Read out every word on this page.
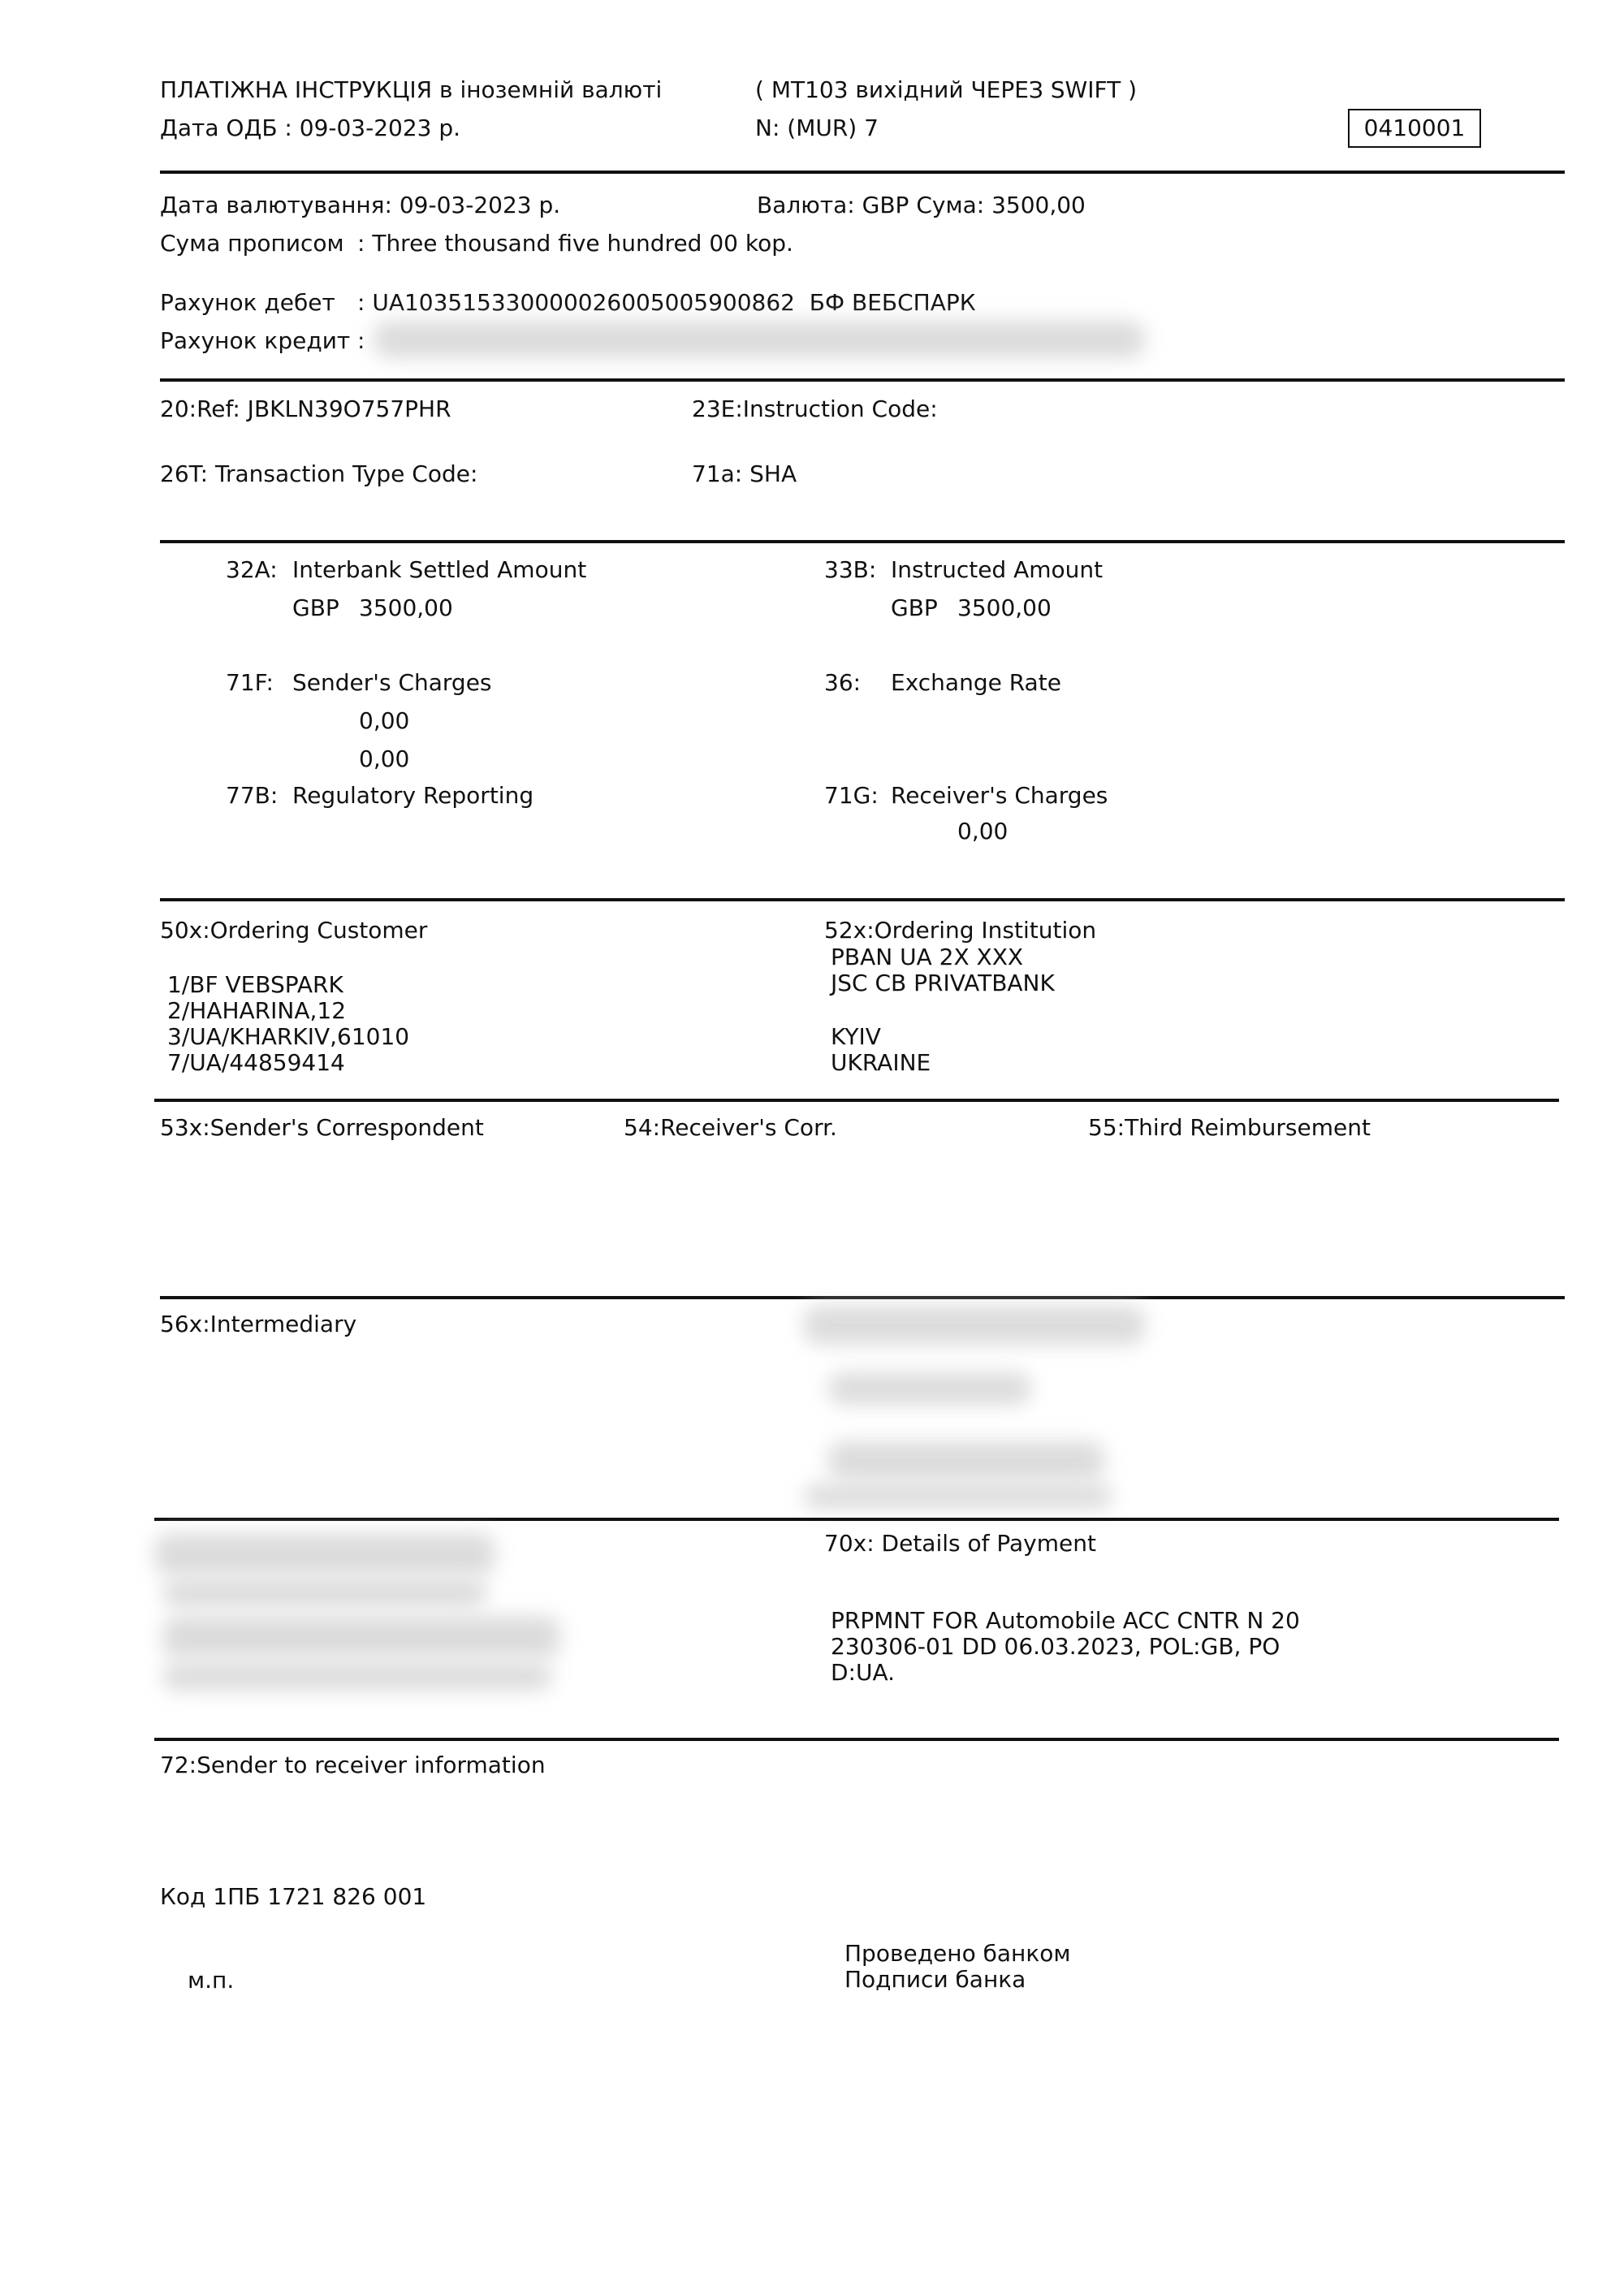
ПЛАТІЖНА ІНСТРУКЦІЯ в іноземній валюті	( МТ103 вихідний ЧЕРЕЗ SWIFT )
Дата ОДБ : 09-03-2023 р.	N: (MUR) 7	0410001
Дата валютування: 09-03-2023 р.	Валюта: GBP Сума: 3500,00
Сума прописом : Three thousand five hundred 00 kop.
Рахунок дебет : UA103515330000026005005900862  БФ ВЕБСПАРК
Рахунок кредит :
20:Ref: JBKLN39O757PHR	23E:Instruction Code:
26T: Transaction Type Code:	71a: SHA
32A: Interbank Settled Amount
GBP 3500,00
33B: Instructed Amount
GBP 3500,00
71F: Sender's Charges
0,00
0,00
36: Exchange Rate
77B: Regulatory Reporting	71G: Receiver's Charges
0,00
50x:Ordering Customer
1/BF VEBSPARK
2/HAHARINA,12
3/UA/KHARKIV,61010
7/UA/44859414
52x:Ordering Institution
PBAN UA 2X XXX
JSC CB PRIVATBANK
KYIV
UKRAINE
53x:Sender's Correspondent	54:Receiver's Corr.	55:Third Reimbursement
56x:Intermediary
70x: Details of Payment
PRPMNT FOR Automobile ACC CNTR N 20
230306-01 DD 06.03.2023, POL:GB, PO
D:UA.
72:Sender to receiver information
Код 1ПБ 1721 826 001
м.п.
Проведено банком
Подписи банка
